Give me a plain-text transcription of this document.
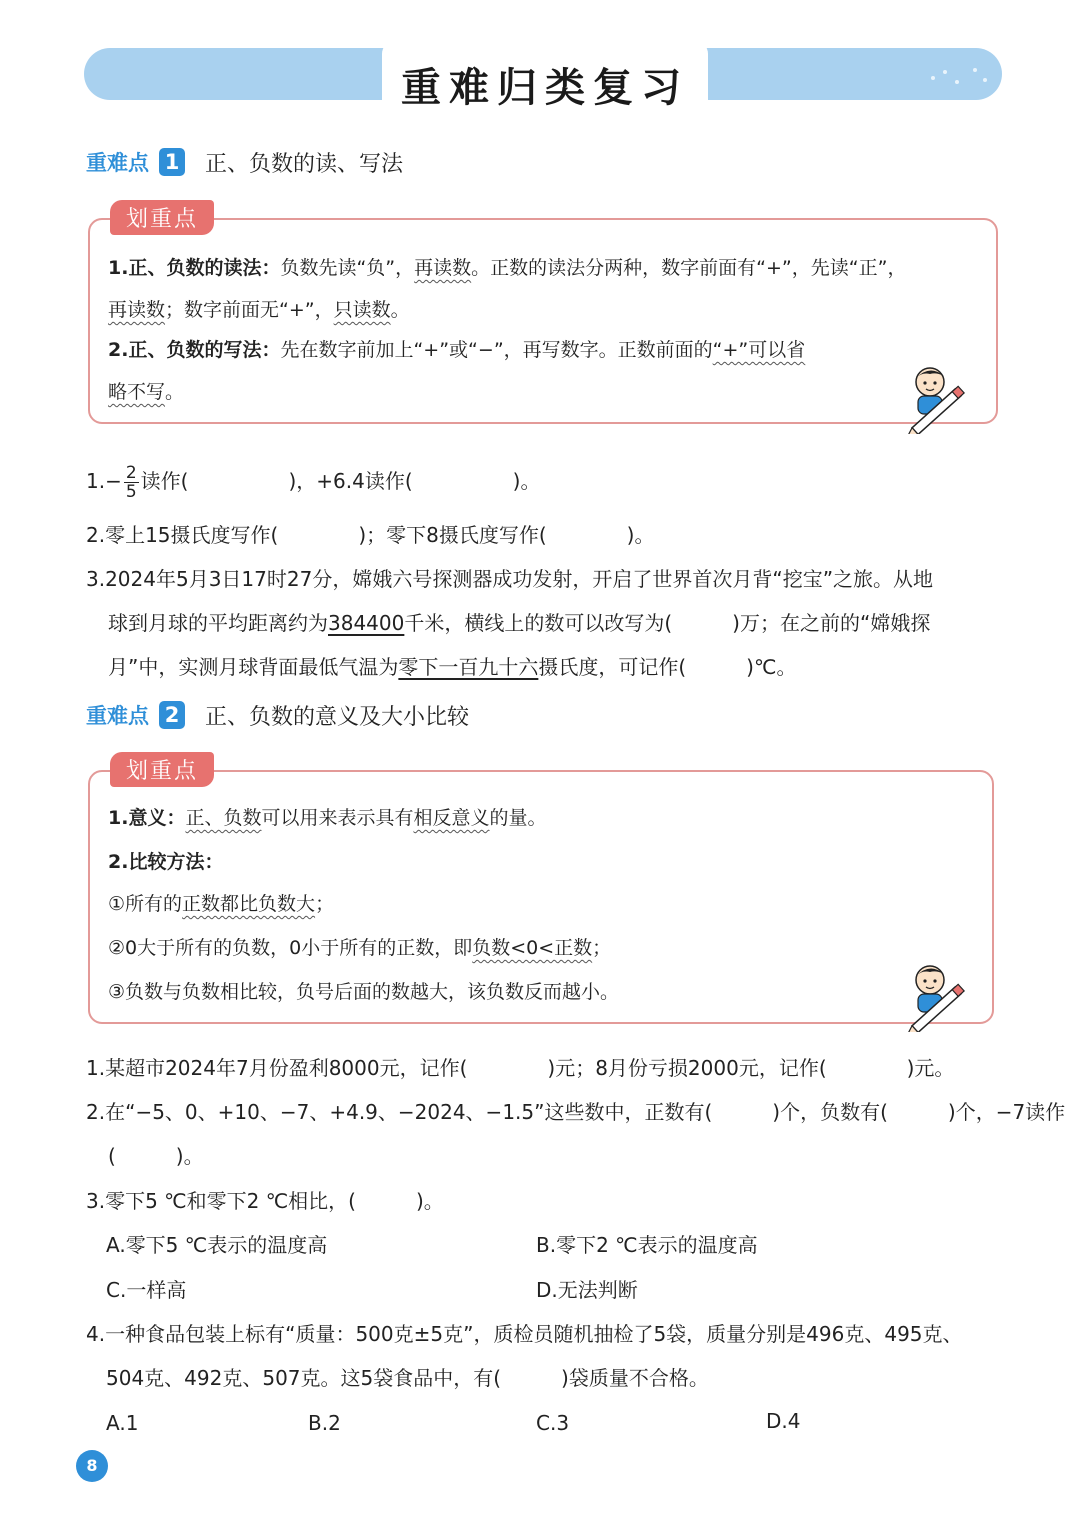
重难归类复习
重难点 1 正、负数的读、写法
划重点
1.正、负数的读法：负数先读“负”，再读数。正数的读法分两种，数字前面有“+”，先读“正”，
再读数；数字前面无“+”，只读数。
2.正、负数的写法：先在数字前加上“+”或“−”，再写数字。正数前面的“+”可以省
略不写。
$1.- \frac{2}{5}$ 读作(　　　　　)，+6.4读作(　　　　　)。
2.零上15摄氏度写作(　　　　)；零下8摄氏度写作(　　　　)。
3.2024年5月3日17时27分，嫦娥六号探测器成功发射，开启了世界首次月背“挖宝”之旅。从地
球到月球的平均距离约为384400千米，横线上的数可以改写为(　　　)万；在之前的“嫦娥探
月”中，实测月球背面最低气温为零下一百九十六摄氏度，可记作(　　　)℃。
重难点 2 正、负数的意义及大小比较
划重点
1.意义：正、负数可以用来表示具有相反意义的量。
2.比较方法：
①所有的正数都比负数大；
②0大于所有的负数，0小于所有的正数，即负数<0<正数；
③负数与负数相比较，负号后面的数越大，该负数反而越小。
1.某超市2024年7月份盈利8000元，记作(　　　　)元；8月份亏损2000元，记作(　　　　)元。
2.在“−5、0、+10、−7、+4.9、−2024、−1.5”这些数中，正数有(　　　)个，负数有(　　　)个，−7读作
(　　　)。
3.零下5 ℃和零下2 ℃相比，(　　　)。
A.零下5 ℃表示的温度高	B.零下2 ℃表示的温度高
C.一样高	D.无法判断
4.一种食品包装上标有“质量：500克±5克”，质检员随机抽检了5袋，质量分别是496克、495克、
504克、492克、507克。这5袋食品中，有(　　　)袋质量不合格。
A.1	B.2	C.3	D.4
8
